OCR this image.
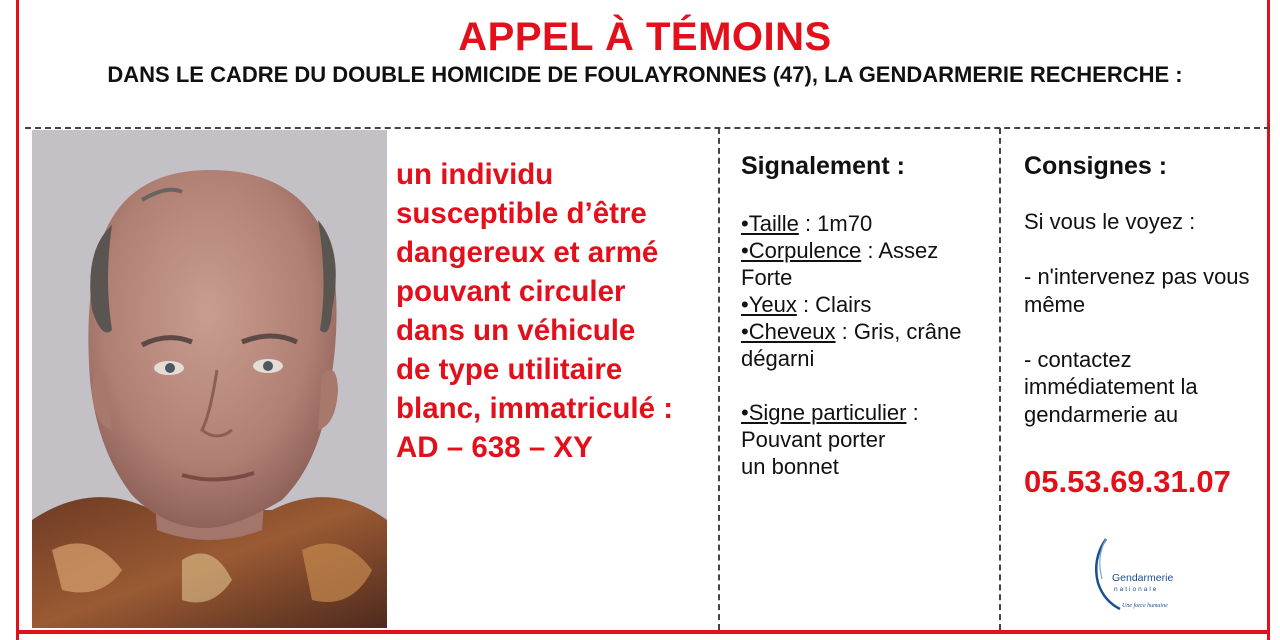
APPEL À TÉMOINS
DANS LE CADRE DU DOUBLE HOMICIDE DE FOULAYRONNES (47), LA GENDARMERIE RECHERCHE :
un individu
susceptible d’être
dangereux et armé
pouvant circuler
dans un véhicule
de type utilitaire
blanc, immatriculé :
AD – 638 – XY
Signalement :
•Taille : 1m70
•Corpulence : Assez
Forte
•Yeux : Clairs
•Cheveux : Gris, crâne
dégarni
•Signe particulier :
Pouvant porter
un bonnet
Consignes :
Si vous le voyez :
- n'intervenez pas vous
même
- contactez
immédiatement la
gendarmerie au
05.53.69.31.07
Gendarmerie
nationale
Une force humaine
